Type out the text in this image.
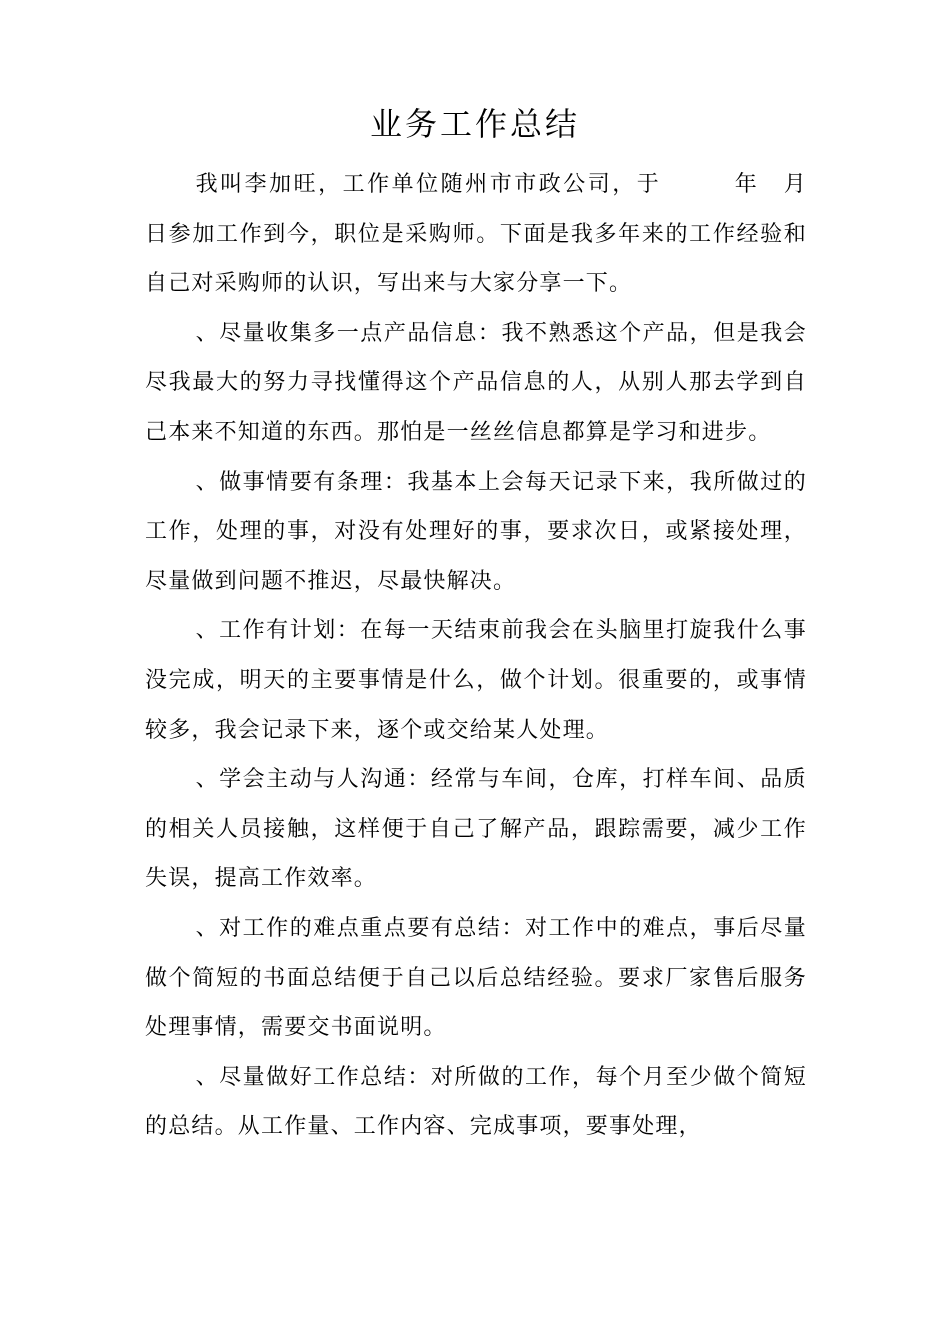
业务工作总结

我叫李加旺，工作单位随州市市政公司，于　　　年　月　日参加工作到今，职位是采购师。下面是我多年来的工作经验和自己对采购师的认识，写出来与大家分享一下。

、尽量收集多一点产品信息：我不熟悉这个产品，但是我会尽我最大的努力寻找懂得这个产品信息的人，从别人那去学到自己本来不知道的东西。那怕是一丝丝信息都算是学习和进步。

、做事情要有条理：我基本上会每天记录下来，我所做过的工作，处理的事，对没有处理好的事，要求次日，或紧接处理，尽量做到问题不推迟，尽最快解决。

、工作有计划：在每一天结束前我会在头脑里打旋我什么事没完成，明天的主要事情是什么，做个计划。很重要的，或事情较多，我会记录下来，逐个或交给某人处理。

、学会主动与人沟通：经常与车间，仓库，打样车间、品质的相关人员接触，这样便于自己了解产品，跟踪需要，减少工作失误，提高工作效率。

、对工作的难点重点要有总结：对工作中的难点，事后尽量做个简短的书面总结便于自己以后总结经验。要求厂家售后服务处理事情，需要交书面说明。

、尽量做好工作总结：对所做的工作，每个月至少做个简短的总结。从工作量、工作内容、完成事项，要事处理，
